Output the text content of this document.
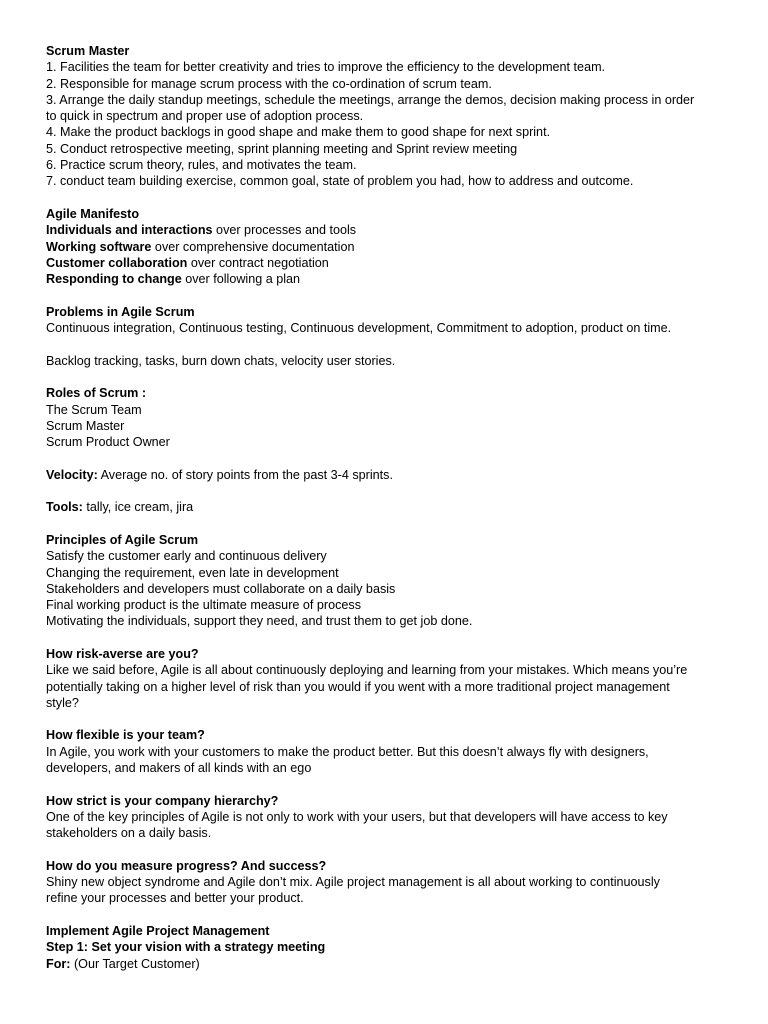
Scrum Master
1. Facilities the team for better creativity and tries to improve the efficiency to the development team.
2. Responsible for manage scrum process with the co-ordination of scrum team.
3. Arrange the daily standup meetings, schedule the meetings, arrange the demos, decision making process in order
to quick in spectrum and proper use of adoption process.
4. Make the product backlogs in good shape and make them to good shape for next sprint.
5. Conduct retrospective meeting, sprint planning meeting and Sprint review meeting
6. Practice scrum theory, rules, and motivates the team.
7. conduct team building exercise, common goal, state of problem you had, how to address and outcome.
Agile Manifesto
Individuals and interactions over processes and tools
Working software over comprehensive documentation
Customer collaboration over contract negotiation
Responding to change over following a plan
Problems in Agile Scrum
Continuous integration, Continuous testing, Continuous development, Commitment to adoption, product on time.
Backlog tracking, tasks, burn down chats, velocity user stories.
Roles of Scrum :
The Scrum Team
Scrum Master
Scrum Product Owner
Velocity: Average no. of story points from the past 3-4 sprints.
Tools: tally, ice cream, jira
Principles of Agile Scrum
Satisfy the customer early and continuous delivery
Changing the requirement, even late in development
Stakeholders and developers must collaborate on a daily basis
Final working product is the ultimate measure of process
Motivating the individuals, support they need, and trust them to get job done.
How risk-averse are you?
Like we said before, Agile is all about continuously deploying and learning from your mistakes. Which means you’re
potentially taking on a higher level of risk than you would if you went with a more traditional project management
style?
How flexible is your team?
In Agile, you work with your customers to make the product better. But this doesn’t always fly with designers,
developers, and makers of all kinds with an ego
How strict is your company hierarchy?
One of the key principles of Agile is not only to work with your users, but that developers will have access to key
stakeholders on a daily basis.
How do you measure progress? And success?
Shiny new object syndrome and Agile don’t mix. Agile project management is all about working to continuously
refine your processes and better your product.
Implement Agile Project Management
Step 1: Set your vision with a strategy meeting
For: (Our Target Customer)
